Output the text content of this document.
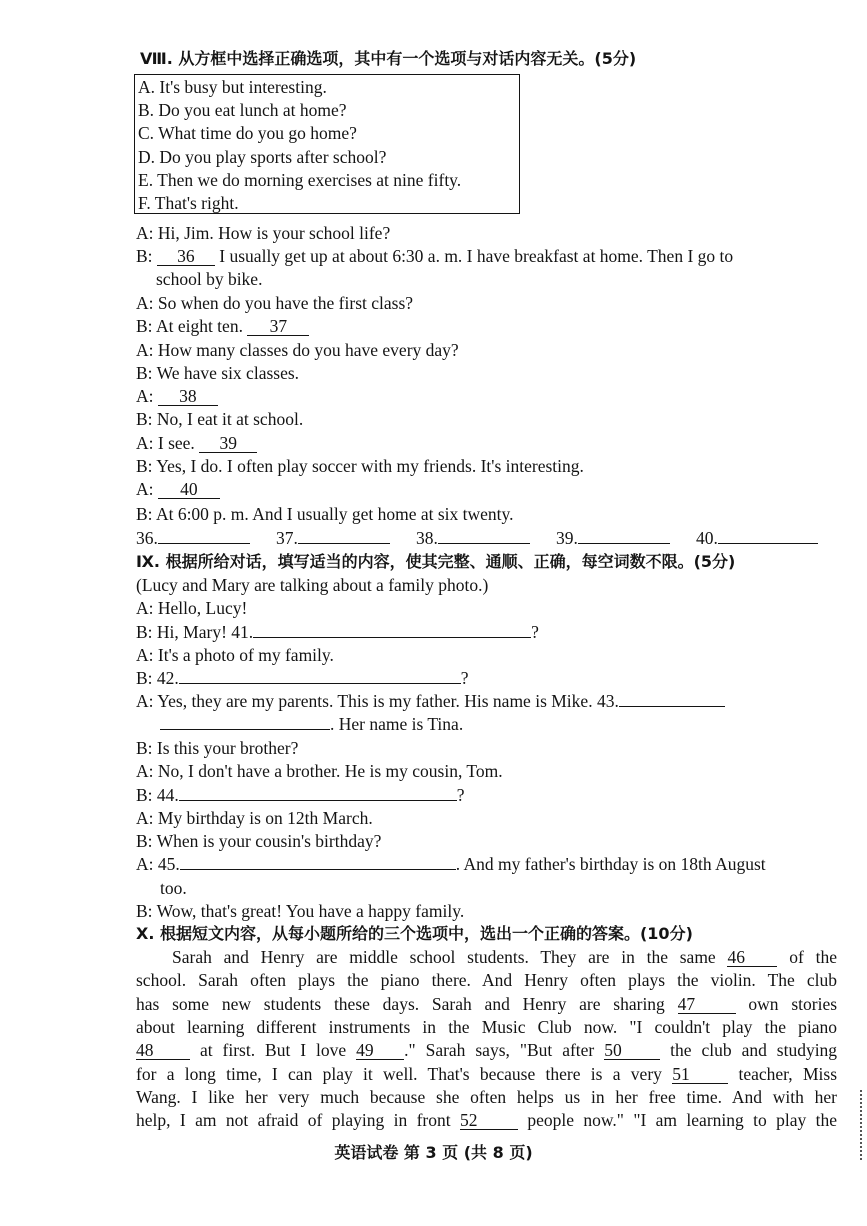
Ⅷ. 从方框中选择正确选项，其中有一个选项与对话内容无关。(5分)
A. It's busy but interesting.
B. Do you eat lunch at home?
C. What time do you go home?
D. Do you play sports after school?
E. Then we do morning exercises at nine fifty.
F. That's right.
A: Hi, Jim. How is your school life?
B: 36 I usually get up at about 6:30 a. m. I have breakfast at home. Then I go to
school by bike.
A: So when do you have the first class?
B: At eight ten. 37
A: How many classes do you have every day?
B: We have six classes.
A: 38
B: No, I eat it at school.
A: I see. 39
B: Yes, I do. I often play soccer with my friends. It's interesting.
A: 40
B: At 6:00 p. m. And I usually get home at six twenty.
36.	37.	38.	39.	40.
Ⅸ. 根据所给对话，填写适当的内容，使其完整、通顺、正确，每空词数不限。(5分)
(Lucy and Mary are talking about a family photo.)
A: Hello, Lucy!
B: Hi, Mary! 41.	?
A: It's a photo of my family.
B: 42.	?
A: Yes, they are my parents. This is my father. His name is Mike. 43.
. Her name is Tina.
B: Is this your brother?
A: No, I don't have a brother. He is my cousin, Tom.
B: 44.	?
A: My birthday is on 12th March.
B: When is your cousin's birthday?
A: 45.	. And my father's birthday is on 18th August
too.
B: Wow, that's great! You have a happy family.
Ⅹ. 根据短文内容，从每小题所给的三个选项中，选出一个正确的答案。(10分)
Sarah and Henry are middle school students. They are in the same 46	of the
school. Sarah often plays the piano there. And Henry often plays the violin. The club
has some new students these days. Sarah and Henry are sharing 47	own stories
about learning different instruments in the Music Club now. "I couldn't play the piano
48	at first. But I love 49 ." Sarah says, "But after 50	the club and studying
for a long time, I can play it well. That's because there is a very 51	teacher, Miss
Wang. I like her very much because she often helps us in her free time. And with her
help, I am not afraid of playing in front 52	people now." "I am learning to play the
英语试卷 第 3 页 (共 8 页)
